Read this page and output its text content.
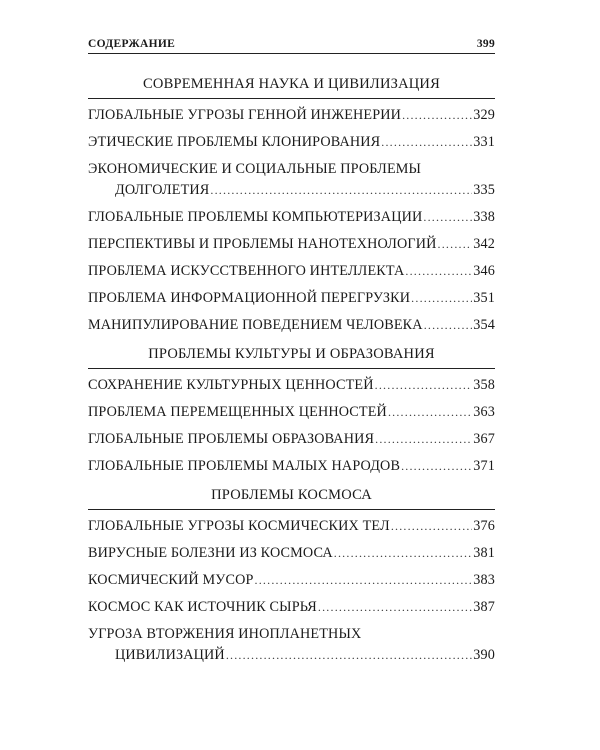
СОДЕРЖАНИЕ	399
СОВРЕМЕННАЯ НАУКА И ЦИВИЛИЗАЦИЯ
ГЛОБАЛЬНЫЕ УГРОЗЫ ГЕННОЙ ИНЖЕНЕРИИ .....	329
ЭТИЧЕСКИЕ ПРОБЛЕМЫ КЛОНИРОВАНИЯ .....	331
ЭКОНОМИЧЕСКИЕ И СОЦИАЛЬНЫЕ ПРОБЛЕМЫ
ДОЛГОЛЕТИЯ .....	335
ГЛОБАЛЬНЫЕ ПРОБЛЕМЫ КОМПЬЮТЕРИЗАЦИИ .....	338
ПЕРСПЕКТИВЫ И ПРОБЛЕМЫ НАНОТЕХНОЛОГИЙ .....	342
ПРОБЛЕМА ИСКУССТВЕННОГО ИНТЕЛЛЕКТА .....	346
ПРОБЛЕМА ИНФОРМАЦИОННОЙ ПЕРЕГРУЗКИ .....	351
МАНИПУЛИРОВАНИЕ ПОВЕДЕНИЕМ ЧЕЛОВЕКА .....	354
ПРОБЛЕМЫ КУЛЬТУРЫ И ОБРАЗОВАНИЯ
СОХРАНЕНИЕ КУЛЬТУРНЫХ ЦЕННОСТЕЙ .....	358
ПРОБЛЕМА ПЕРЕМЕЩЕННЫХ ЦЕННОСТЕЙ .....	363
ГЛОБАЛЬНЫЕ ПРОБЛЕМЫ ОБРАЗОВАНИЯ .....	367
ГЛОБАЛЬНЫЕ ПРОБЛЕМЫ МАЛЫХ НАРОДОВ .....	371
ПРОБЛЕМЫ КОСМОСА
ГЛОБАЛЬНЫЕ УГРОЗЫ КОСМИЧЕСКИХ ТЕЛ .....	376
ВИРУСНЫЕ БОЛЕЗНИ ИЗ КОСМОСА .....	381
КОСМИЧЕСКИЙ МУСОР .....	383
КОСМОС КАК ИСТОЧНИК СЫРЬЯ .....	387
УГРОЗА ВТОРЖЕНИЯ ИНОПЛАНЕТНЫХ
ЦИВИЛИЗАЦИЙ .....	390
